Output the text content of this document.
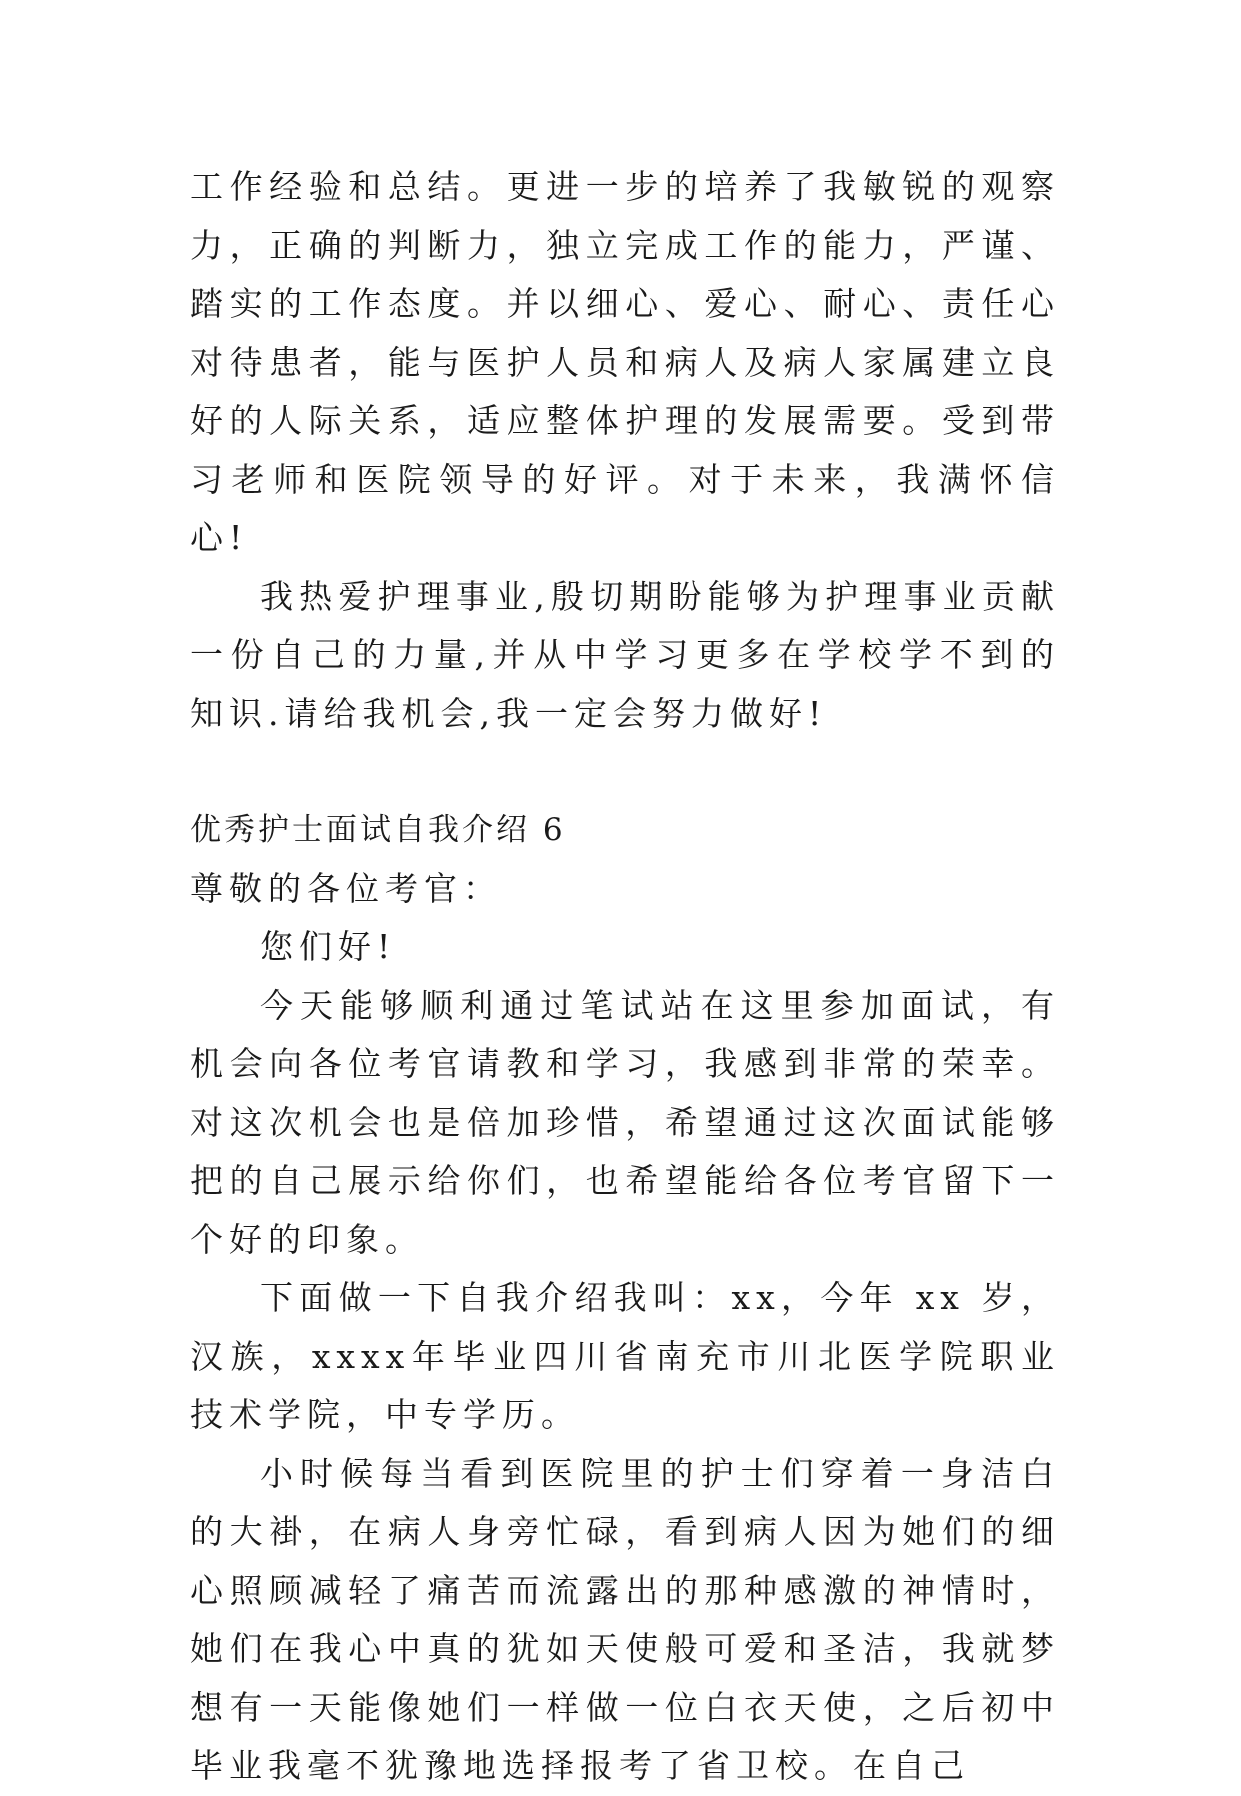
工作经验和总结。更进一步的培养了我敏锐的观察力，正确的判断力，独立完成工作的能力，严谨、踏实的工作态度。并以细心、爱心、耐心、责任心对待患者，能与医护人员和病人及病人家属建立良好的人际关系，适应整体护理的发展需要。受到带习老师和医院领导的好评。对于未来，我满怀信心!

我热爱护理事业,殷切期盼能够为护理事业贡献一份自己的力量,并从中学习更多在学校学不到的知识.请给我机会,我一定会努力做好!

优秀护士面试自我介绍 6

尊敬的各位考官：

您们好!

今天能够顺利通过笔试站在这里参加面试，有机会向各位考官请教和学习，我感到非常的荣幸。对这次机会也是倍加珍惜，希望通过这次面试能够把的自己展示给你们，也希望能给各位考官留下一个好的印象。

下面做一下自我介绍我叫：xx，今年 xx 岁，汉族，xxxx年毕业四川省南充市川北医学院职业技术学院，中专学历。

小时候每当看到医院里的护士们穿着一身洁白的大褂，在病人身旁忙碌，看到病人因为她们的细心照顾减轻了痛苦而流露出的那种感激的神情时，她们在我心中真的犹如天使般可爱和圣洁，我就梦想有一天能像她们一样做一位白衣天使，之后初中毕业我毫不犹豫地选择报考了省卫校。在自己
